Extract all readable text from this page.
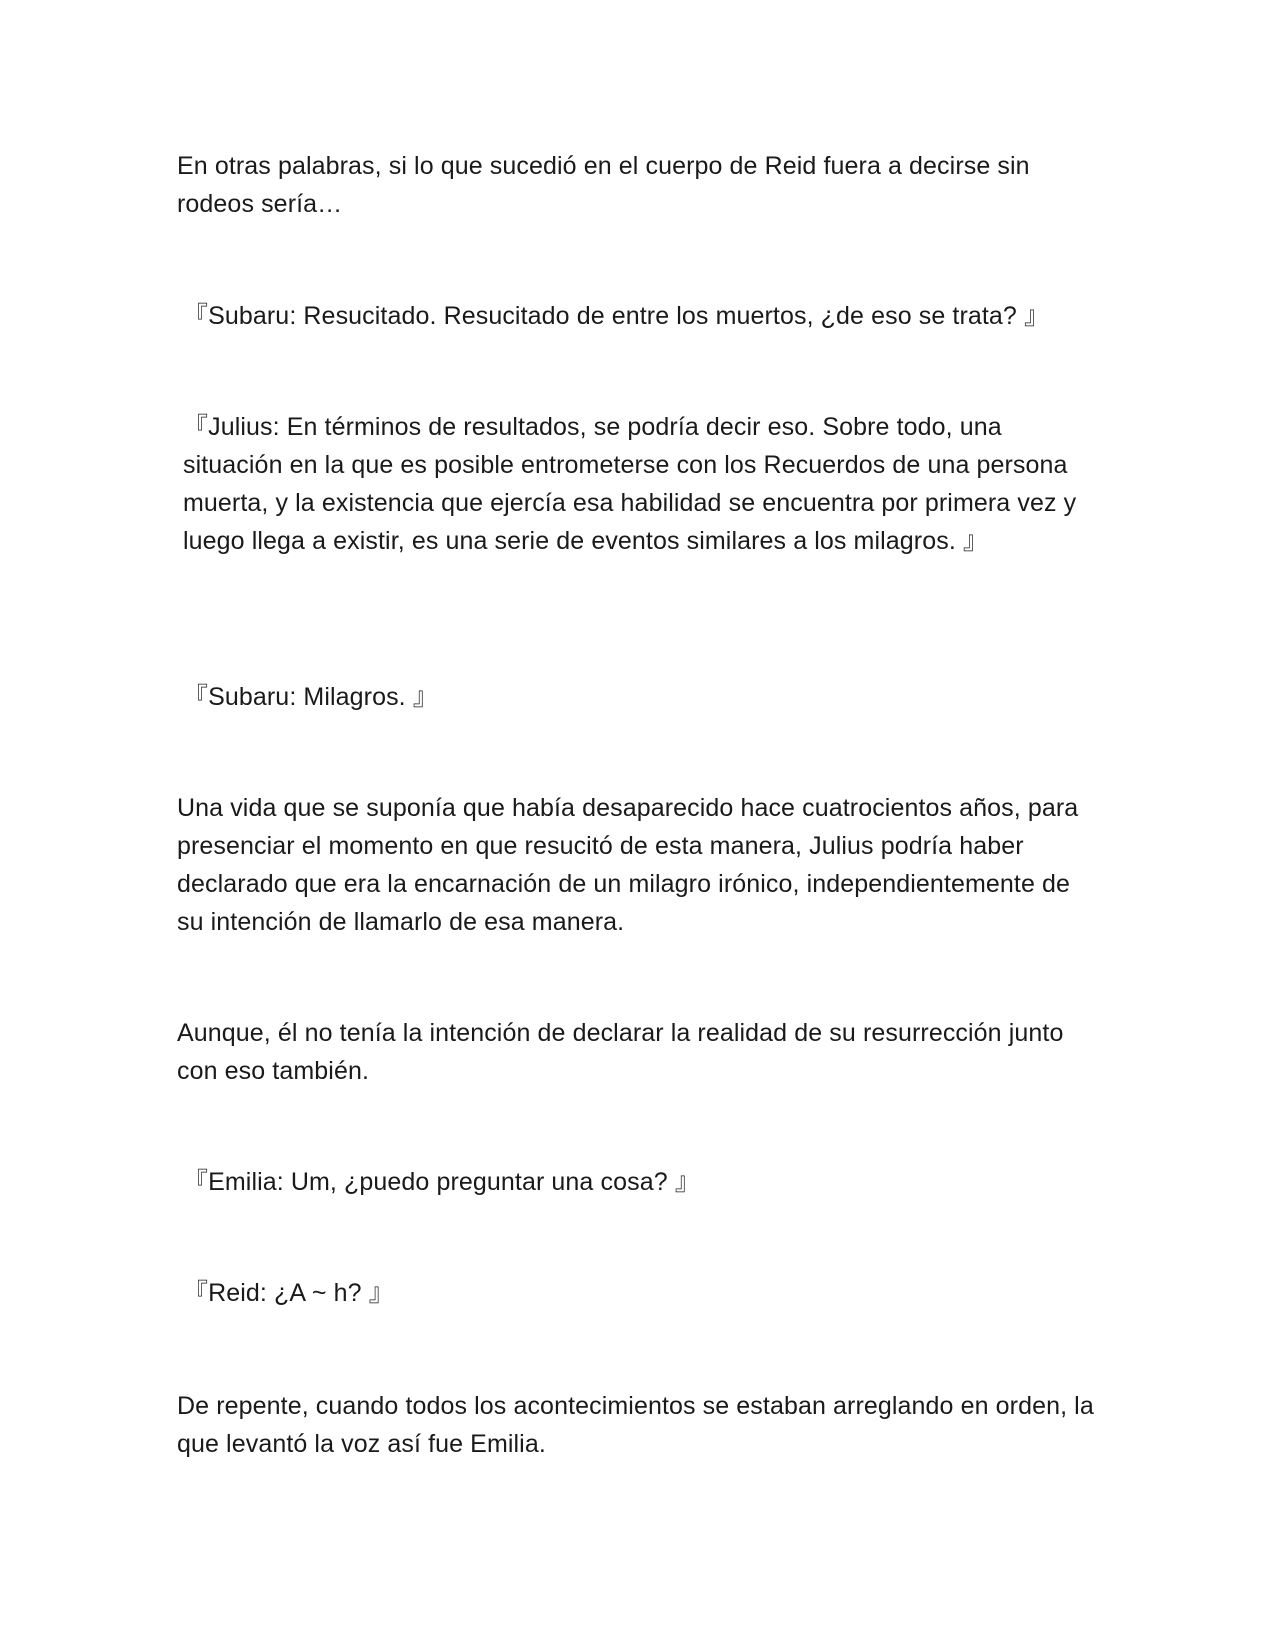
En otras palabras, si lo que sucedió en el cuerpo de Reid fuera a decirse sin rodeos sería…

『Subaru: Resucitado. Resucitado de entre los muertos, ¿de eso se trata? 』

『Julius: En términos de resultados, se podría decir eso. Sobre todo, una situación en la que es posible entrometerse con los Recuerdos de una persona muerta, y la existencia que ejercía esa habilidad se encuentra por primera vez y luego llega a existir, es una serie de eventos similares a los milagros. 』

『Subaru: Milagros. 』

Una vida que se suponía que había desaparecido hace cuatrocientos años, para presenciar el momento en que resucitó de esta manera, Julius podría haber declarado que era la encarnación de un milagro irónico, independientemente de su intención de llamarlo de esa manera.

Aunque, él no tenía la intención de declarar la realidad de su resurrección junto con eso también.

『Emilia: Um, ¿puedo preguntar una cosa? 』

『Reid: ¿A ~ h? 』

De repente, cuando todos los acontecimientos se estaban arreglando en orden, la que levantó la voz así fue Emilia.
